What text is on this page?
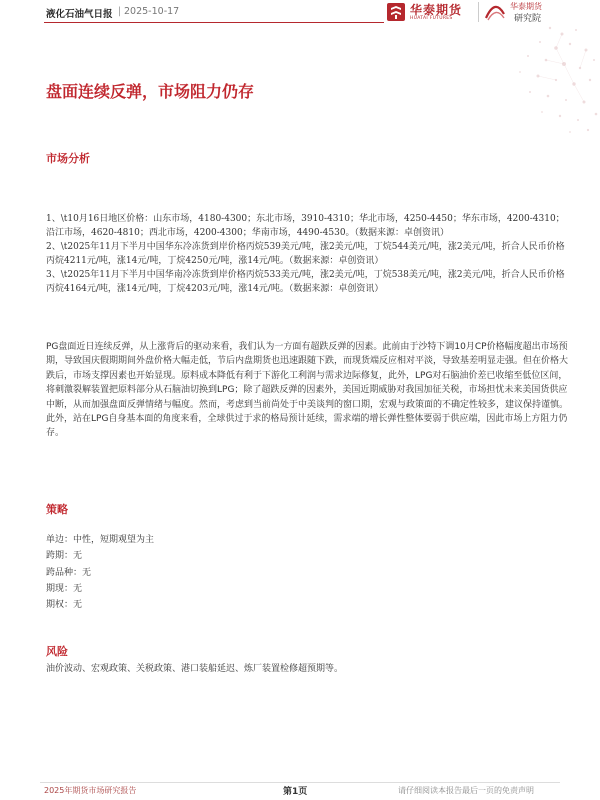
液化石油气日报 | 2025-10-17	华泰期货
HUATAI FUTURES
华泰期货
研究院
盘面连续反弹，市场阻力仍存
市场分析
1、\t10月16日地区价格：山东市场，4180-4300；东北市场，3910-4310；华北市场，4250-4450；华东市场，4200-4310；沿江市场，4620-4810；西北市场，4200-4300；华南市场，4490-4530。（数据来源：卓创资讯）
2、\t2025年11月下半月中国华东冷冻货到岸价格丙烷539美元/吨，涨2美元/吨，丁烷544美元/吨，涨2美元/吨，折合人民币价格丙烷4211元/吨，涨14元/吨，丁烷4250元/吨，涨14元/吨。（数据来源：卓创资讯）
3、\t2025年11月下半月中国华南冷冻货到岸价格丙烷533美元/吨，涨2美元/吨，丁烷538美元/吨，涨2美元/吨，折合人民币价格丙烷4164元/吨，涨14元/吨，丁烷4203元/吨，涨14元/吨。（数据来源：卓创资讯）
PG盘面近日连续反弹，从上涨背后的驱动来看，我们认为一方面有超跌反弹的因素。此前由于沙特下调10月CP价格幅度超出市场预期，导致国庆假期期间外盘价格大幅走低，节后内盘期货也迅速跟随下跌，而现货端反应相对平淡，导致基差明显走强。但在价格大跌后，市场支撑因素也开始显现。原料成本降低有利于下游化工利润与需求边际修复，此外，LPG对石脑油价差已收缩至低位区间，将刺激裂解装置把原料部分从石脑油切换到LPG；除了超跌反弹的因素外，美国近期威胁对我国加征关税，市场担忧未来美国货供应中断，从而加强盘面反弹情绪与幅度。然而，考虑到当前尚处于中美谈判的窗口期，宏观与政策面的不确定性较多，建议保持谨慎。此外，站在LPG自身基本面的角度来看，全球供过于求的格局预计延续，需求端的增长弹性整体要弱于供应端，因此市场上方阻力仍存。
策略
单边：中性，短期观望为主
跨期：无
跨品种：无
期现：无
期权：无
风险
油价波动、宏观政策、关税政策、港口装船延迟、炼厂装置检修超预期等。
2025年期货市场研究报告	第1页	请仔细阅读本报告最后一页的免责声明
